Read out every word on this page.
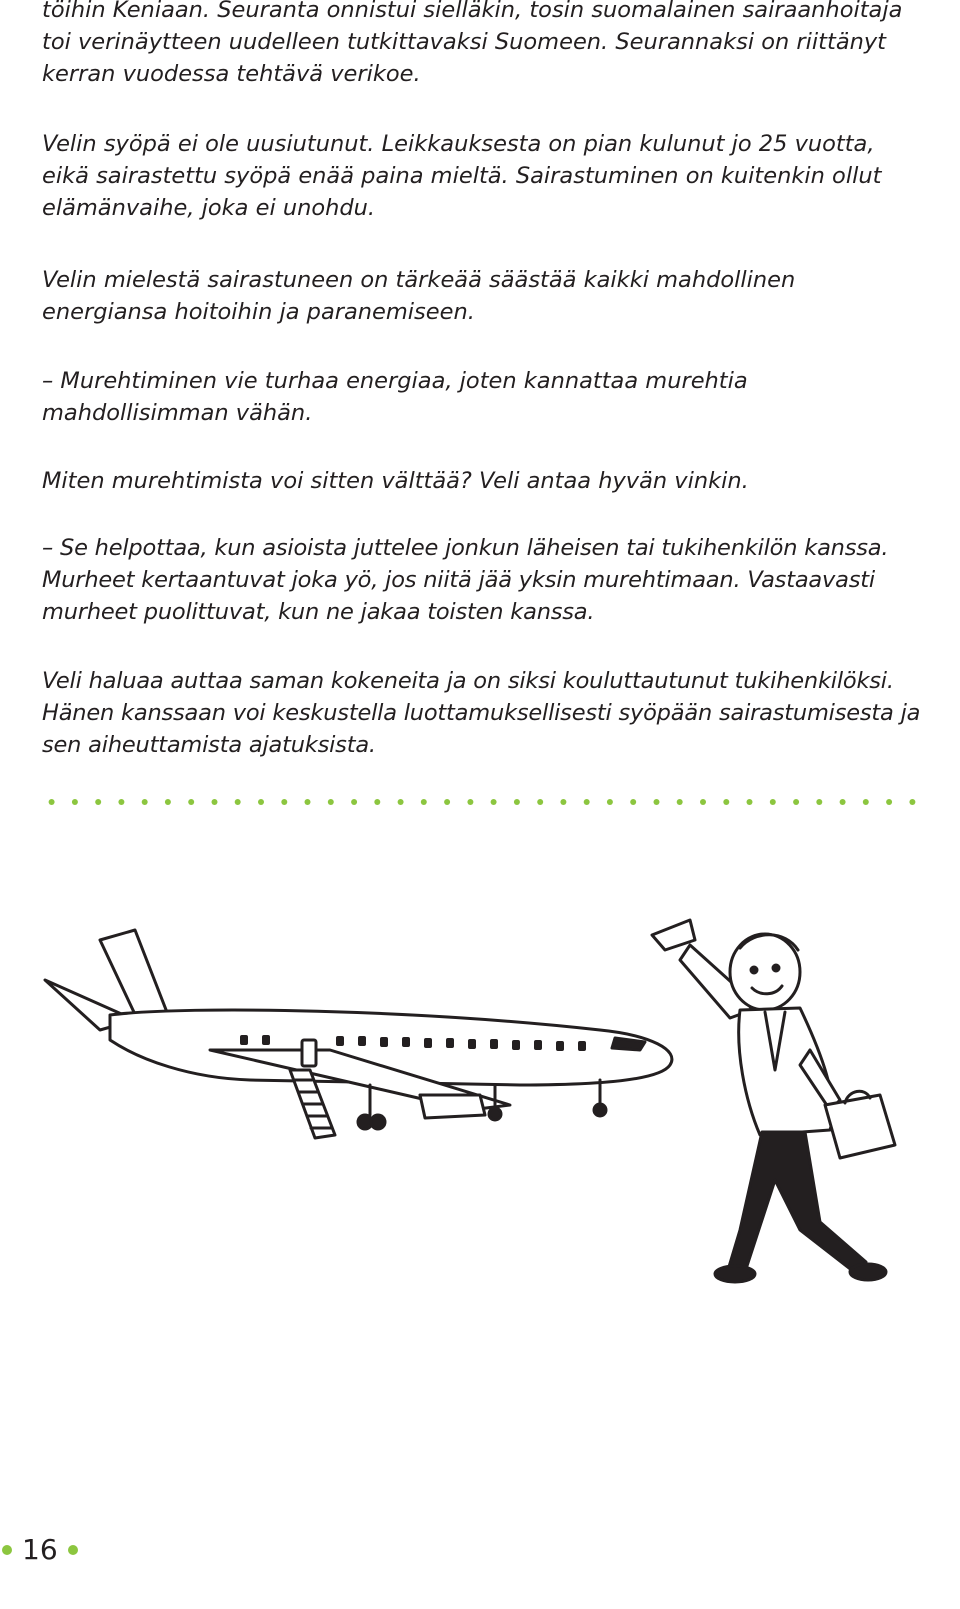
töihin Keniaan. Seuranta onnistui sielläkin, tosin suomalainen sairaanhoitaja toi verinäytteen uudelleen tutkittavaksi Suomeen. Seurannaksi on riittänyt kerran vuodessa tehtävä verikoe.

Velin syöpä ei ole uusiutunut. Leikkauksesta on pian kulunut jo 25 vuotta, eikä sairastettu syöpä enää paina mieltä. Sairastuminen on kuitenkin ollut elämänvaihe, joka ei unohdu.

Velin mielestä sairastuneen on tärkeää säästää kaikki mahdollinen energiansa hoitoihin ja paranemiseen.

– Murehtiminen vie turhaa energiaa, joten kannattaa murehtia mahdollisimman vähän.

Miten murehtimista voi sitten välttää? Veli antaa hyvän vinkin.

– Se helpottaa, kun asioista juttelee jonkun läheisen tai tukihenkilön kanssa. Murheet kertaantuvat joka yö, jos niitä jää yksin murehtimaan. Vastaavasti murheet puolittuvat, kun ne jakaa toisten kanssa.

Veli haluaa auttaa saman kokeneita ja on siksi kouluttautunut tukihenkilöksi. Hänen kanssaan voi keskustella luottamuksellisesti syöpään sairastumisesta ja sen aiheuttamista ajatuksista.

16
